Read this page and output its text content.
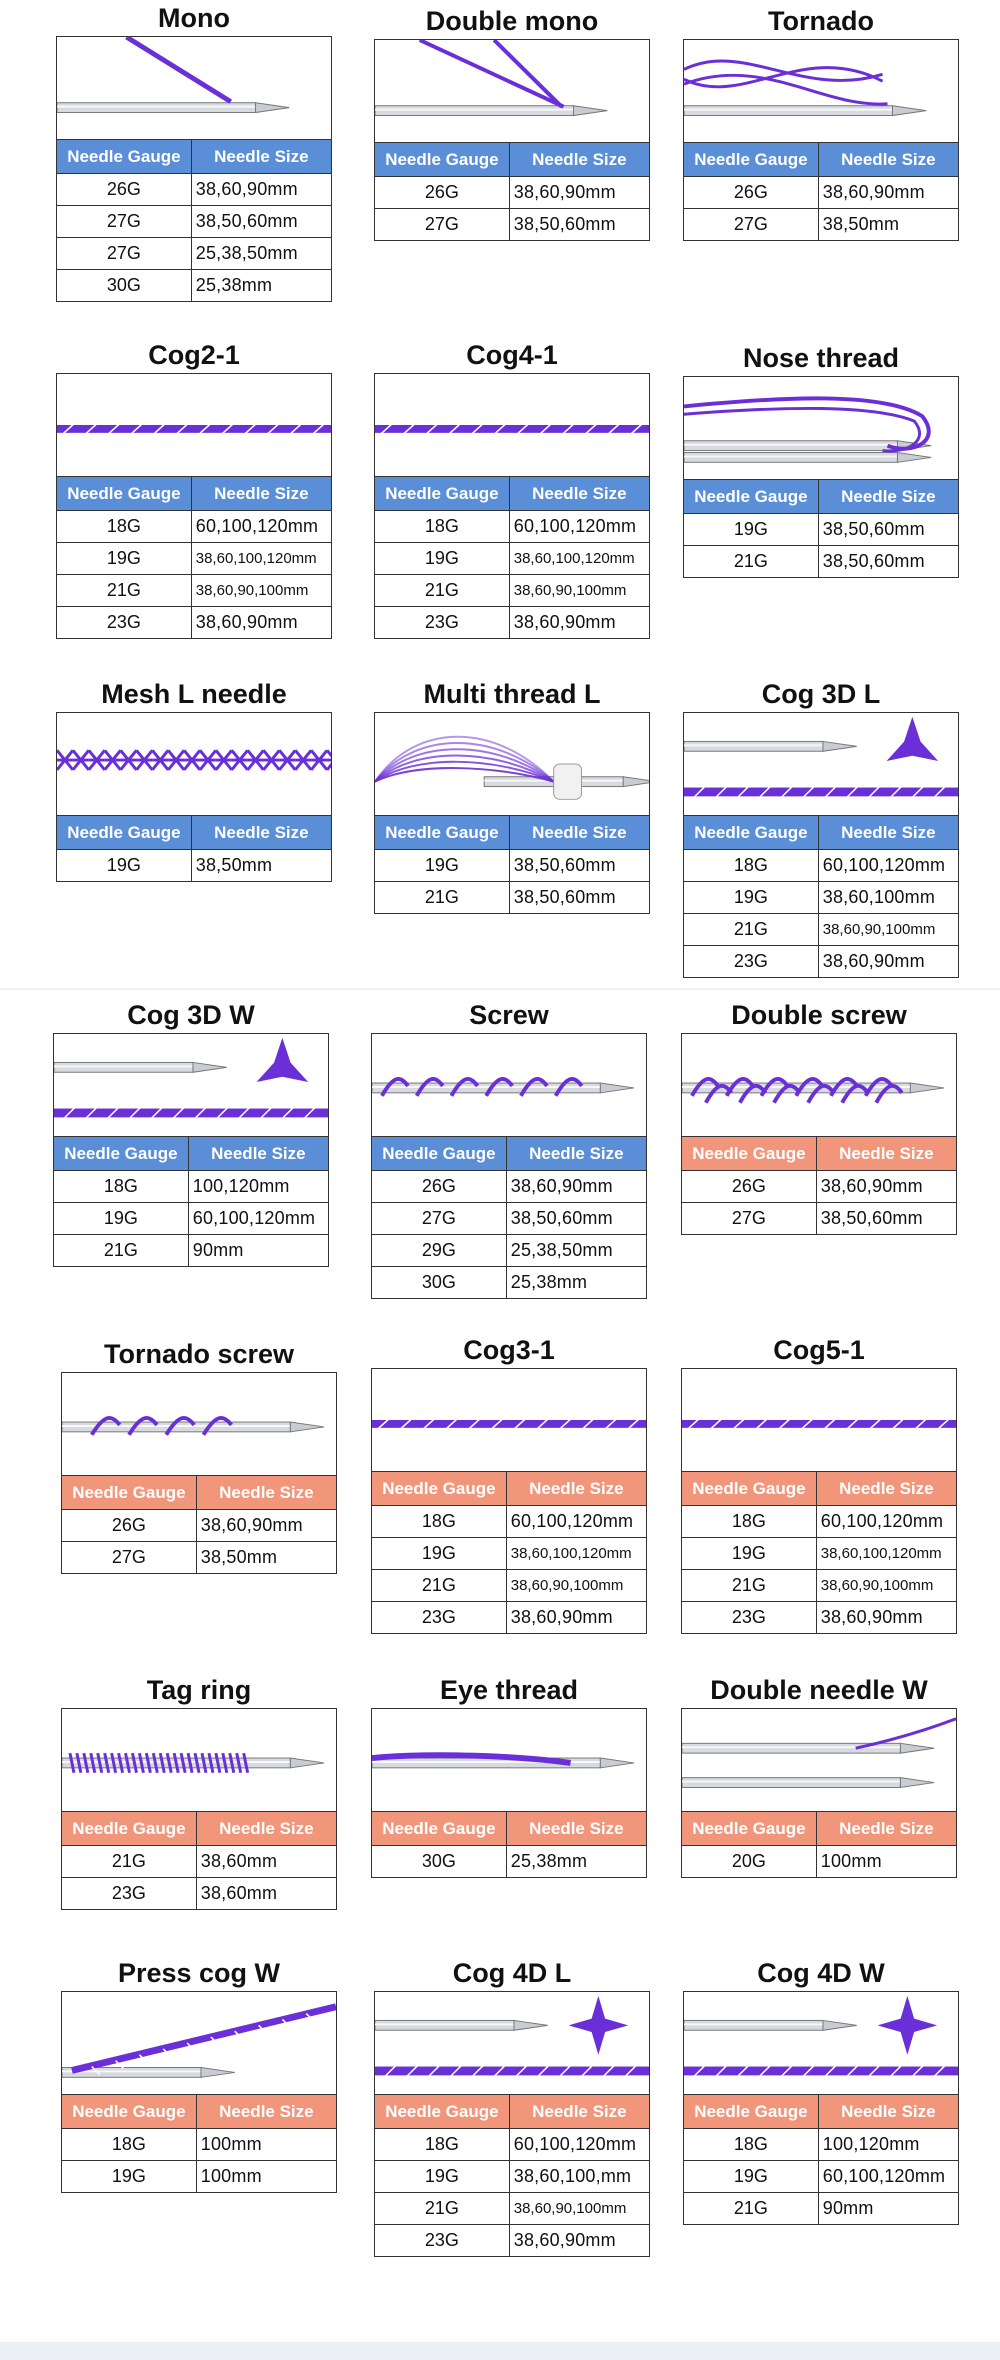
Mono
Needle Gauge	Needle Size
26G	38,60,90mm
27G	38,50,60mm
27G	25,38,50mm
30G	25,38mm
Double mono
Needle Gauge	Needle Size
26G	38,60,90mm
27G	38,50,60mm
Tornado
Needle Gauge	Needle Size
26G	38,60,90mm
27G	38,50mm
Cog2-1
Needle Gauge	Needle Size
18G	60,100,120mm
19G	38,60,100,120mm
21G	38,60,90,100mm
23G	38,60,90mm
Cog4-1
Needle Gauge	Needle Size
18G	60,100,120mm
19G	38,60,100,120mm
21G	38,60,90,100mm
23G	38,60,90mm
Nose thread
Needle Gauge	Needle Size
19G	38,50,60mm
21G	38,50,60mm
Mesh L needle
Needle Gauge	Needle Size
19G	38,50mm
Multi thread L
Needle Gauge	Needle Size
19G	38,50,60mm
21G	38,50,60mm
Cog 3D L
Needle Gauge	Needle Size
18G	60,100,120mm
19G	38,60,100mm
21G	38,60,90,100mm
23G	38,60,90mm
Cog 3D W
Needle Gauge	Needle Size
18G	100,120mm
19G	60,100,120mm
21G	90mm
Screw
Needle Gauge	Needle Size
26G	38,60,90mm
27G	38,50,60mm
29G	25,38,50mm
30G	25,38mm
Double screw
Needle Gauge	Needle Size
26G	38,60,90mm
27G	38,50,60mm
Tornado screw
Needle Gauge	Needle Size
26G	38,60,90mm
27G	38,50mm
Cog3-1
Needle Gauge	Needle Size
18G	60,100,120mm
19G	38,60,100,120mm
21G	38,60,90,100mm
23G	38,60,90mm
Cog5-1
Needle Gauge	Needle Size
18G	60,100,120mm
19G	38,60,100,120mm
21G	38,60,90,100mm
23G	38,60,90mm
Tag ring
Needle Gauge	Needle Size
21G	38,60mm
23G	38,60mm
Eye thread
Needle Gauge	Needle Size
30G	25,38mm
Double needle W
Needle Gauge	Needle Size
20G	100mm
Press cog W
Needle Gauge	Needle Size
18G	100mm
19G	100mm
Cog 4D L
Needle Gauge	Needle Size
18G	60,100,120mm
19G	38,60,100,mm
21G	38,60,90,100mm
23G	38,60,90mm
Cog 4D W
Needle Gauge	Needle Size
18G	100,120mm
19G	60,100,120mm
21G	90mm
